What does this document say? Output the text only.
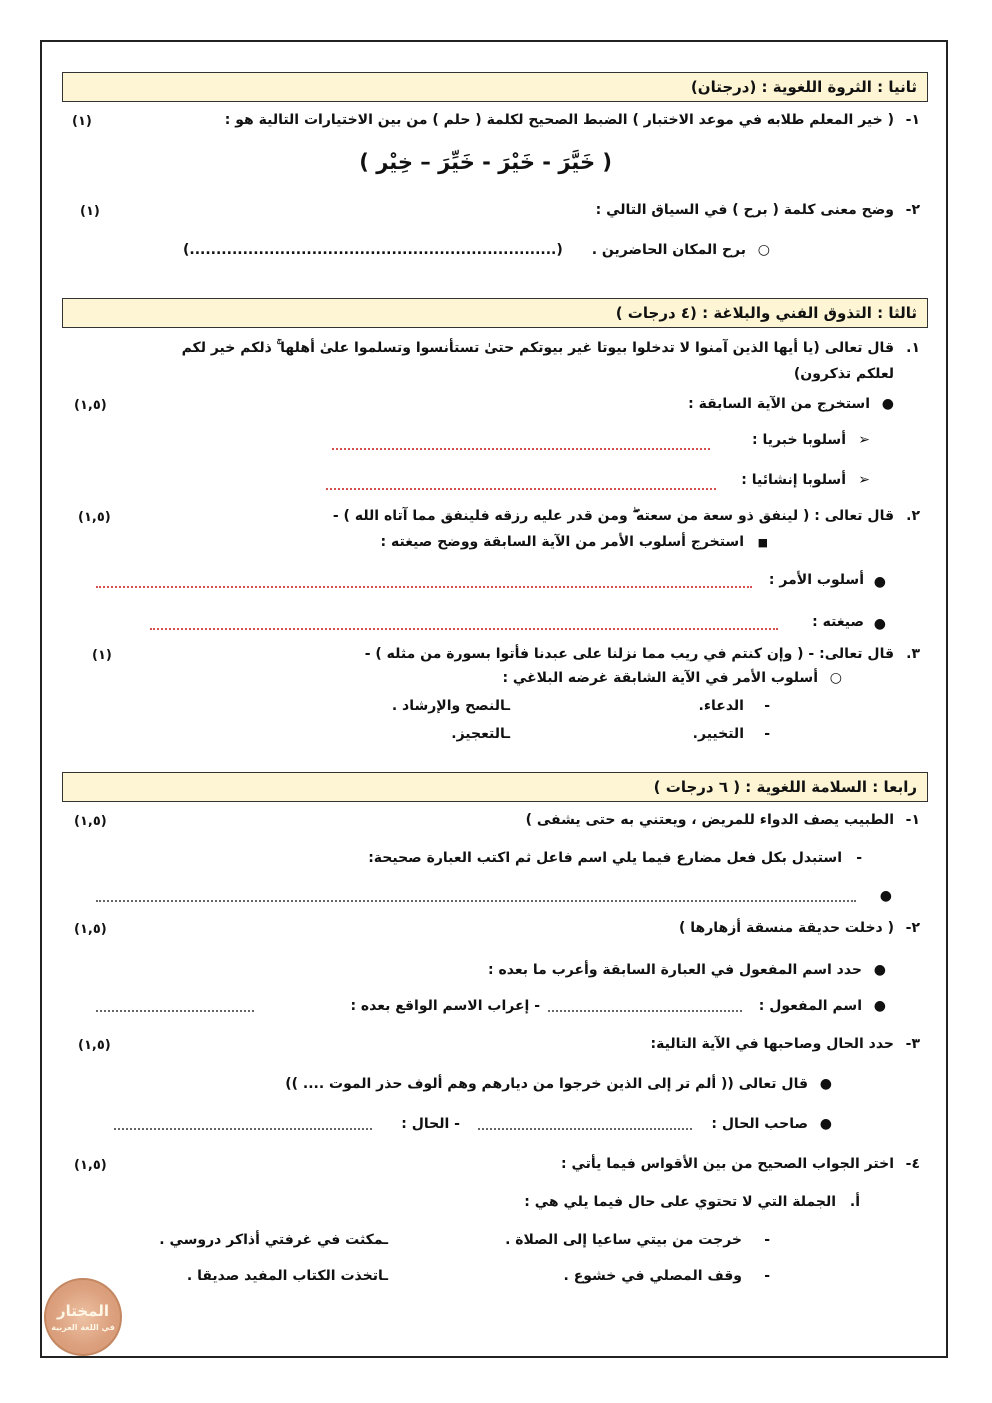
ثانيا : الثروة اللغوية : (درجتان)
١-
( خير المعلم طلابه في موعد الاختبار ) الضبط الصحيح لكلمة ( حلم ) من بين الاختيارات التالية هو :
(١)
( خَيَّرَ - خَيْرَ - خَيِّرَ – خِيْر )
٢-
وضح معنى كلمة ( برح ) في السياق التالي :
(١)
○
برح المكان الحاضرين .
(.....................................................................)
ثالثا : التذوق الفني والبلاغة : (٤ درجات )
١.
قال تعالى (يا أيها الذين آمنوا لا تدخلوا بيوتا غير بيوتكم حتىٰ تستأنسوا وتسلموا علىٰ أهلها ۚ ذلكم خير لكم
لعلكم تذكرون)
●
استخرج من الآية السابقة :
(١,٥)
➢
أسلوبا خبريا :
➢
أسلوبا إنشائيا :
٢.
قال تعالى : ( لينفق ذو سعة من سعته ۖ ومن قدر عليه رزقه فلينفق مما آتاه الله ) -
(١,٥)
■
استخرج أسلوب الأمر من الآية السابقة ووضح صيغته :
●
أسلوب الأمر :
●
صيغته :
٣.
قال تعالى: - ( وإن كنتم في ريب مما نزلنا على عبدنا فأتوا بسورة من مثله ) -
(١)
○
أسلوب الأمر في الآية الشابقة غرضه البلاغي :
-
الدعاء.
ـالنصح والإرشاد .
-
التخيير.
ـالتعجيز.
رابعا : السلامة اللغوية : ( ٦ درجات )
١-
الطبيب يصف الدواء للمريض ، ويعتني به حتى يشفى )
(١,٥)
-
استبدل بكل فعل مضارع فيما يلي اسم فاعل ثم اكتب العبارة صحيحة:
●
٢-
( دخلت حديقة منسقة أزهارها )
(١,٥)
●
حدد اسم المفعول في العبارة السابقة وأعرب ما بعده :
●
اسم المفعول :
- إعراب الاسم الواقع بعده :
٣-
حدد الحال وصاحبها في الآية التالية:
(١,٥)
●
قال تعالى (( ألم تر إلى الذين خرجوا من ديارهم وهم ألوف حذر الموت .... ))
●
صاحب الحال :
- الحال :
٤-
اختر الجواب الصحيح من بين الأقواس فيما يأتي :
(١,٥)
أ.
الجملة التي لا تحتوي على حال فيما يلي هي :
-
خرجت من بيتي ساعيا إلى الصلاة .
ـمكثت في غرفتي أذاكر دروسي .
-
وقف المصلي في خشوع .
ـاتخذت الكتاب المفيد صديقا .
المختار
في اللغة العربية
